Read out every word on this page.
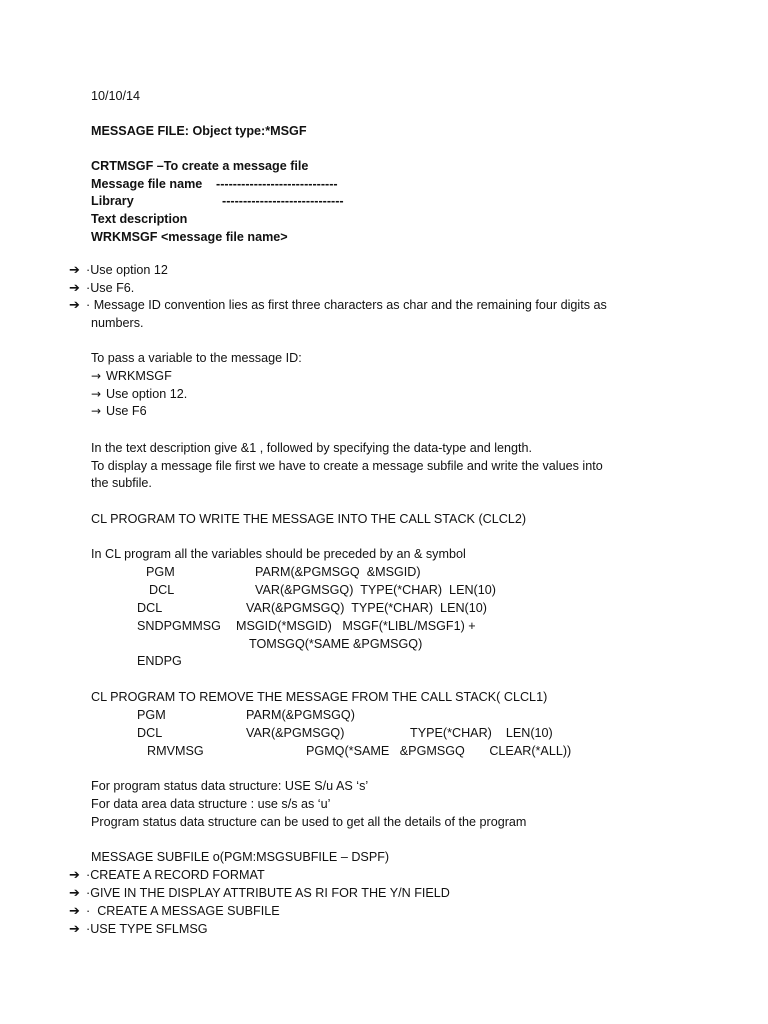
10/10/14
MESSAGE FILE: Object type:*MSGF
CRTMSGF –To create a message file
Message file name -----------------------------
Library	-----------------------------
Text description
WRKMSGF <message file name>
➔ ·Use option 12
➔ ·Use F6.
➔ · Message ID convention lies as first three characters as char and the remaining four digits as
numbers.
To pass a variable to the message ID:
→ WRKMSGF
→ Use option 12.
→ Use F6
In the text description give &1 , followed by specifying the data-type and length.
To display a message file first we have to create a message subfile and write the values into
the subfile.
CL PROGRAM TO WRITE THE MESSAGE INTO THE CALL STACK (CLCL2)
In CL program all the variables should be preceded by an & symbol
PGM	PARM(&PGMSGQ  &MSGID)
DCL	VAR(&PGMSGQ)  TYPE(*CHAR)  LEN(10)
DCL	VAR(&PGMSGQ)  TYPE(*CHAR)  LEN(10)
SNDPGMMSG MSGID(*MSGID)   MSGF(*LIBL/MSGF1) +
TOMSGQ(*SAME &PGMSGQ)
ENDPG
CL PROGRAM TO REMOVE THE MESSAGE FROM THE CALL STACK( CLCL1)
PGM	PARM(&PGMSGQ)
DCL	VAR(&PGMSGQ)	TYPE(*CHAR)    LEN(10)
RMVMSG	PGMQ(*SAME   &PGMSGQ       CLEAR(*ALL))
For program status data structure: USE S/u AS ‘s’
For data area data structure : use s/s as ‘u’
Program status data structure can be used to get all the details of the program
MESSAGE SUBFILE o(PGM:MSGSUBFILE – DSPF)
➔ ·CREATE A RECORD FORMAT
➔ ·GIVE IN THE DISPLAY ATTRIBUTE AS RI FOR THE Y/N FIELD
➔ ·  CREATE A MESSAGE SUBFILE
➔ ·USE TYPE SFLMSG
